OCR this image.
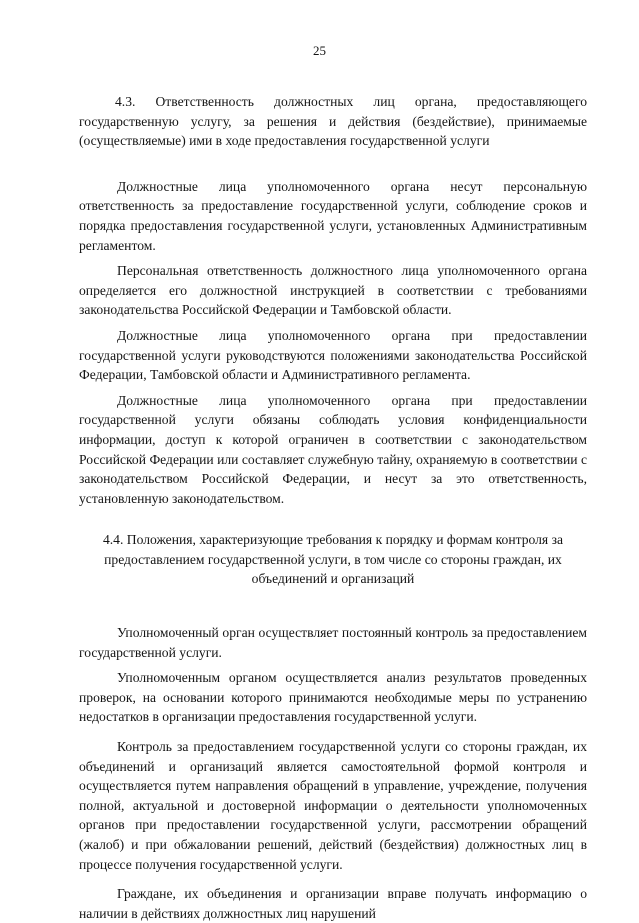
25

4.3. Ответственность должностных лиц органа, предоставляющего государственную услугу, за решения и действия (бездействие), принимаемые (осуществляемые) ими в ходе предоставления государственной услуги

Должностные лица уполномоченного органа несут персональную ответственность за предоставление государственной услуги, соблюдение сроков и порядка предоставления государственной услуги, установленных Административным регламентом.

Персональная ответственность должностного лица уполномоченного органа определяется его должностной инструкцией в соответствии с требованиями законодательства Российской Федерации и Тамбовской области.

Должностные лица уполномоченного органа при предоставлении государственной услуги руководствуются положениями законодательства Российской Федерации, Тамбовской области и Административного регламента.

Должностные лица уполномоченного органа при предоставлении государственной услуги обязаны соблюдать условия конфиденциальности информации, доступ к которой ограничен в соответствии с законодательством Российской Федерации или составляет служебную тайну, охраняемую в соответствии с законодательством Российской Федерации, и несут за это ответственность, установленную законодательством.

4.4. Положения, характеризующие требования к порядку и формам контроля за предоставлением государственной услуги, в том числе со стороны граждан, их объединений и организаций

Уполномоченный орган осуществляет постоянный контроль за предоставлением государственной услуги.

Уполномоченным органом осуществляется анализ результатов проведенных проверок, на основании которого принимаются необходимые меры по устранению недостатков в организации предоставления государственной услуги.

Контроль за предоставлением государственной услуги со стороны граждан, их объединений и организаций является самостоятельной формой контроля и осуществляется путем направления обращений в управление, учреждение, получения полной, актуальной и достоверной информации о деятельности уполномоченных органов при предоставлении государственной услуги, рассмотрении обращений (жалоб) и при обжаловании решений, действий (бездействия) должностных лиц в процессе получения государственной услуги.

Граждане, их объединения и организации вправе получать информацию о наличии в действиях должностных лиц нарушений
